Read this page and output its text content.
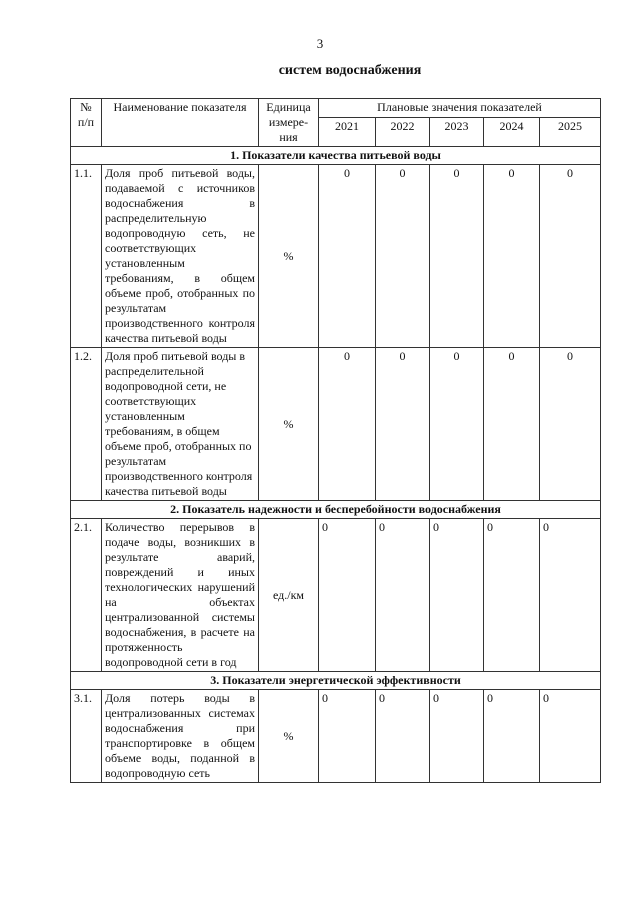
3
систем водоснабжения
№ п/п	Наименование показателя	Единица измере-ния	Плановые значения показателей				
			2021	2022	2023	2024	2025
1. Показатели качества питьевой воды							
1.1.	Доля проб питьевой воды, подаваемой с источников водоснабжения в распределительную водопроводную сеть, не соответствующих установленным требованиям, в общем объеме проб, отобранных по результатам производственного контроля качества питьевой воды	%	0	0	0	0	0
1.2.	Доля проб питьевой воды в распределительной водопроводной сети, не соответствующих установленным требованиям, в общем объеме проб, отобранных по результатам производственного контроля качества питьевой воды	%	0	0	0	0	0
2. Показатель надежности и бесперебойности водоснабжения							
2.1.	Количество перерывов в подаче воды, возникших в результате аварий, повреждений и иных технологических нарушений на объектах централизованной системы водоснабжения, в расчете на протяженность водопроводной сети в год	ед./км	0	0	0	0	0
3. Показатели энергетической эффективности							
3.1.	Доля потерь воды в централизованных системах водоснабжения при транспортировке в общем объеме воды, поданной в водопроводную сеть	%	0	0	0	0	0
